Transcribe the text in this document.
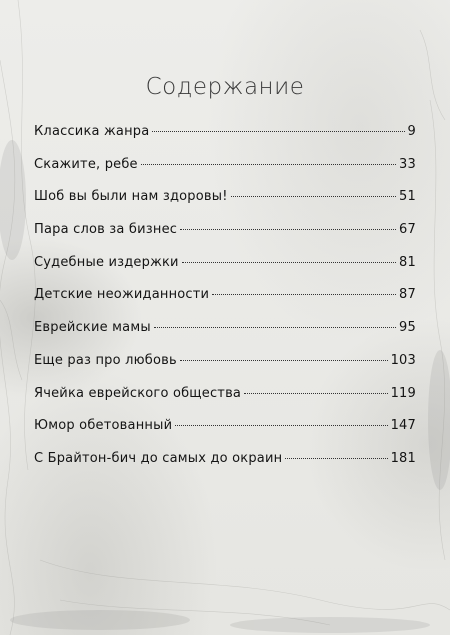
Содержание
Классика жанра	9
Скажите, ребе	33
Шоб вы были нам здоровы!	51
Пара слов за бизнес	67
Судебные издержки	81
Детские неожиданности	87
Еврейские мамы	95
Еще раз про любовь	103
Ячейка еврейского общества	119
Юмор обетованный	147
С Брайтон-бич до самых до окраин	181
